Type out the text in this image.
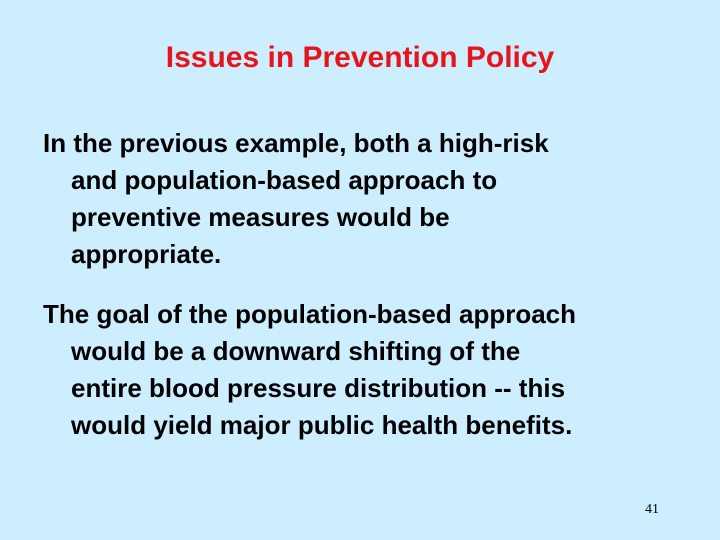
Issues in Prevention Policy
In the previous example, both a high-risk
and population-based approach to
preventive measures would be
appropriate.
The goal of the population-based approach
would be a downward shifting of the
entire blood pressure distribution -- this
would yield major public health benefits.
41
